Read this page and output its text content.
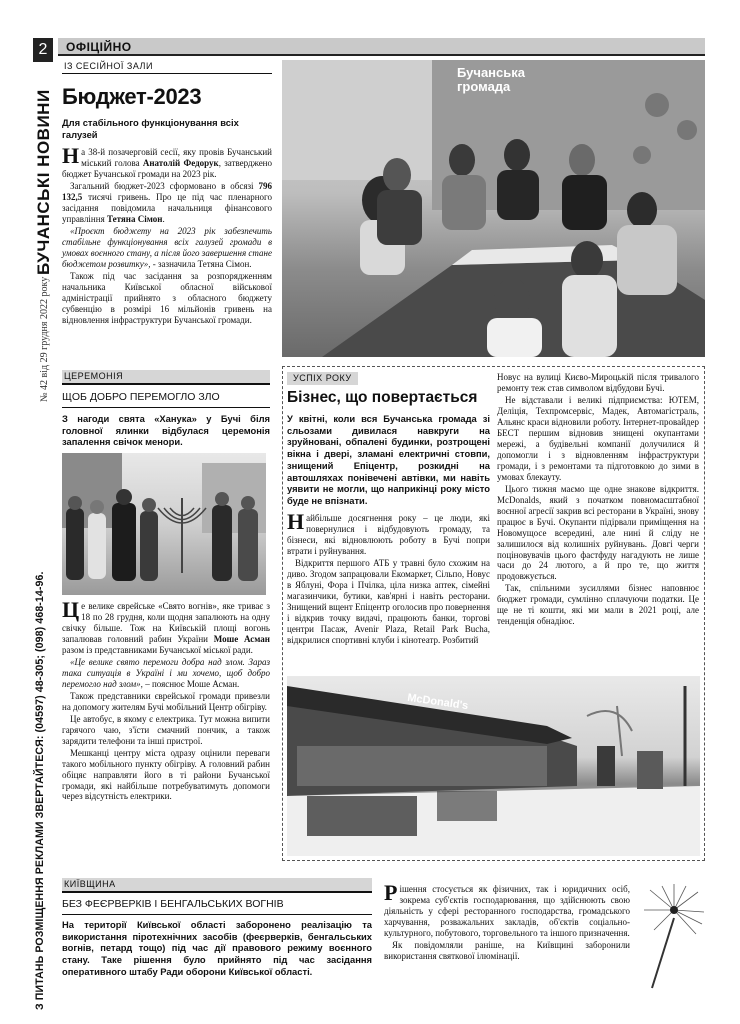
2	ОФІЦІЙНО
БУЧАНСЬКІ НОВИНИ
№ 42 від 29 грудня 2022 року
З ПИТАНЬ РОЗМІЩЕННЯ РЕКЛАМИ ЗВЕРТАЙТЕСЯ: (04597) 48-305; (098) 468-14-96.
ІЗ СЕСІЙНОЇ ЗАЛИ
Бюджет-2023
Для стабільного функціонування всіх галузей

На 38-й позачерговій сесії, яку провів Бучанський міський голова Анатолій Федорук, затверджено бюджет Бучанської громади на 2023 рік.

Загальний бюджет-2023 сформовано в обсязі 796 132,5 тисячі гривень. Про це під час пленарного засідання повідомила начальниця фінансового управління Тетяна Сімон.

«Проєкт бюджету на 2023 рік забезпечить стабільне функціонування всіх галузей громади в умовах воєнного стану, а після його завершення стане бюджетом розвитку», - зазначила Тетяна Сімон.

Також під час засідання за розпорядженням начальника Київської обласної військової адміністрації прийнято з обласного бюджету субвенцію в розмірі 16 мільйонів гривень на відновлення інфраструктури Бучанської громади.

Бучанська
громада
ЦЕРЕМОНІЯ
ЩОБ ДОБРО ПЕРЕМОГЛО ЗЛО
З нагоди свята «Ханука» у Бучі біля головної ялинки відбулася церемонія запалення свічок менори.

Це велике єврейське «Свято вогнів», яке триває з 18 по 28 грудня, коли щодня запалюють на одну свічку більше. Тож на Київській площі вогонь запалював головний рабин України Моше Асман разом із представниками Бучанської міської ради.

«Це велике свято перемоги добра над злом. Зараз така ситуація в Україні і ми хочемо, щоб добро перемогло над злом», – пояснює Моше Асман.

Також представники єврейської громади привезли на допомогу жителям Бучі мобільний Центр обігріву.

Це автобус, в якому є електрика. Тут можна випити гарячого чаю, з'їсти смачний пончик, а також зарядити телефони та інші пристрої.

Мешканці центру міста одразу оцінили переваги такого мобільного пункту обігріву. А головний рабин обіцяє направляти його в ті райони Бучанської громади, які найбільше потребуватимуть допомоги через відсутність електрики.

УСПІХ РОКУ
Бізнес, що повертається
У квітні, коли вся Бучанська громада зі сльозами дивилася навкруги на зруйновані, обпалені будинки, розтрощені вікна і двері, зламані електричні стовпи, знищений Епіцентр, розкидні на автошляхах понівечені автівки, ми навіть уявити не могли, що наприкінці року місто буде не впізнати.

Найбільше досягнення року – це люди, які повернулися і відбудовують громаду, та бізнеси, які відновлюють роботу в Бучі попри втрати і руйнування.

Відкриття першого АТБ у травні було схожим на диво. Згодом запрацювали Екомаркет, Сільпо, Новус в Яблуні, Фора і Пчілка, ціла низка аптек, сімейні магазинчики, бутики, кав'ярні і навіть ресторани. Знищений вщент Епіцентр оголосив про повернення і відкрив точку видачі, працюють банки, торгові центри Пасаж, Avenir Plaza, Retail Park Bucha, відкрилися спортивні клуби і кінотеатр. Розбитий

Новус на вулиці Києво-Мироцькій після тривалого ремонту теж став символом відбудови Бучі.

Не відставали і великі підприємства: ЮТЕМ, Деліція, Техпромсервіс, Мадек, Автомагістраль, Альянс краси відновили роботу. Інтернет-провайдер БЕСТ першим відновив знищені окупантами мережі, а будівельні компанії долучилися й допомогли і з відновленням інфраструктури громади, і з ремонтами та підготовкою до зими в умовах блекауту.

Цього тижня маємо ще одне знакове відкриття. McDonalds, який з початком повномасштабної воєнної агресії закрив всі ресторани в Україні, знову працює в Бучі. Окупанти підірвали приміщення на Новомущосе всередині, але нині й сліду не залишилося від колишніх руйнувань. Довгі черги поціновувачів цього фастфуду нагадують не лише часи до 24 лютого, а й про те, що життя продовжується.

Так, спільними зусиллями бізнес наповнює бюджет громади, сумлінно сплачуючи податки. Це ще не ті кошти, які ми мали в 2021 році, але тенденція обнадіює.

McDonald's
КИЇВЩИНА
БЕЗ ФЕЄРВЕРКІВ І БЕНГАЛЬСЬКИХ ВОГНІВ
На території Київської області заборонено реалізацію та використання піротехнічних засобів (феєрверків, бенгальських вогнів, петард тощо) під час дії правового режиму воєнного стану. Таке рішення було прийнято під час засідання оперативного штабу Ради оборони Київської області.

Рішення стосується як фізичних, так і юридичних осіб, зокрема суб'єктів господарювання, що здійснюють свою діяльність у сфері ресторанного господарства, громадського харчування, розважальних закладів, об'єктів соціально-культурного, побутового, торговельного та іншого призначення.

Як повідомляли раніше, на Київщині заборонили використання святкової ілюмінації.
